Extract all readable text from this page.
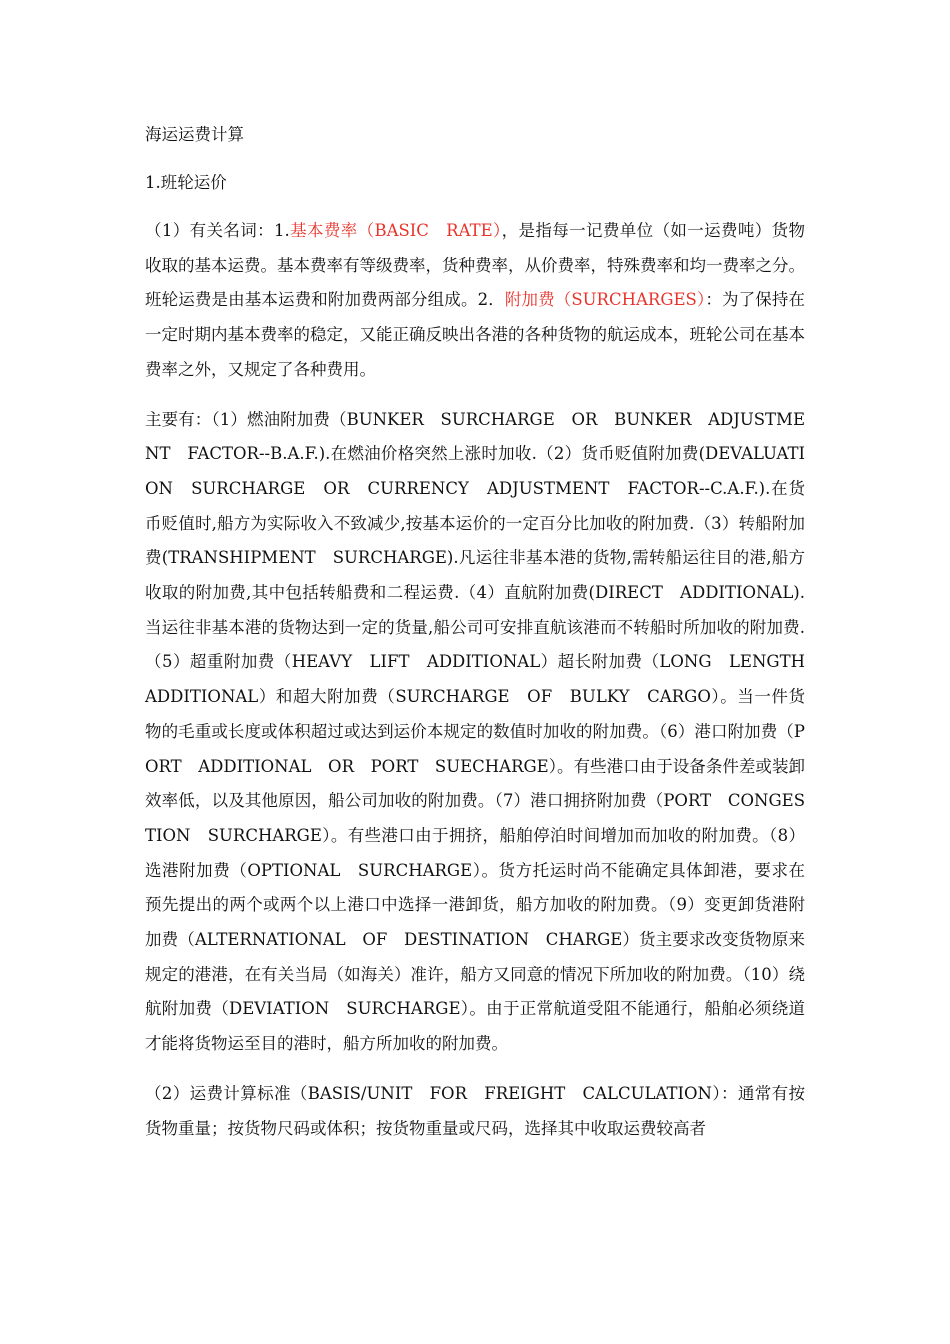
海运运费计算
1.班轮运价
（1）有关名词：1.基本费率（BASIC　RATE），是指每一记费单位（如一运费吨）货物收取的基本运费。基本费率有等级费率，货种费率，从价费率，特殊费率和均一费率之分。班轮运费是由基本运费和附加费两部分组成。2．附加费（SURCHARGES）：为了保持在一定时期内基本费率的稳定，又能正确反映出各港的各种货物的航运成本，班轮公司在基本费率之外，又规定了各种费用。
主要有：（1）燃油附加费（BUNKER　SURCHARGE　OR　BUNKER　ADJUSTMENT　FACTOR--B.A.F.).在燃油价格突然上涨时加收.（2）货币贬值附加费(DEVALUATION　SURCHARGE　OR　CURRENCY　ADJUSTMENT　FACTOR--C.A.F.).在货币贬值时,船方为实际收入不致减少,按基本运价的一定百分比加收的附加费.（3）转船附加费(TRANSHIPMENT　SURCHARGE).凡运往非基本港的货物,需转船运往目的港,船方收取的附加费,其中包括转船费和二程运费.（4）直航附加费(DIRECT　ADDITIONAL).当运往非基本港的货物达到一定的货量,船公司可安排直航该港而不转船时所加收的附加费.（5）超重附加费（HEAVY　LIFT　ADDITIONAL）超长附加费（LONG　LENGTH　ADDITIONAL）和超大附加费（SURCHARGE　OF　BULKY　CARGO）。当一件货物的毛重或长度或体积超过或达到运价本规定的数值时加收的附加费。（6）港口附加费（PORT　ADDITIONAL　OR　PORT　SUECHARGE）。有些港口由于设备条件差或装卸效率低，以及其他原因，船公司加收的附加费。（7）港口拥挤附加费（PORT　CONGESTION　SURCHARGE）。有些港口由于拥挤，船舶停泊时间增加而加收的附加费。（8）选港附加费（OPTIONAL　SURCHARGE）。货方托运时尚不能确定具体卸港，要求在预先提出的两个或两个以上港口中选择一港卸货，船方加收的附加费。（9）变更卸货港附加费（ALTERNATIONAL　OF　DESTINATION　CHARGE）货主要求改变货物原来规定的港港，在有关当局（如海关）准许，船方又同意的情况下所加收的附加费。（10）绕航附加费（DEVIATION　SURCHARGE）。由于正常航道受阻不能通行，船舶必须绕道才能将货物运至目的港时，船方所加收的附加费。
（2）运费计算标准（BASIS/UNIT　FOR　FREIGHT　CALCULATION）：通常有按货物重量；按货物尺码或体积；按货物重量或尺码，选择其中收取运费较高者
